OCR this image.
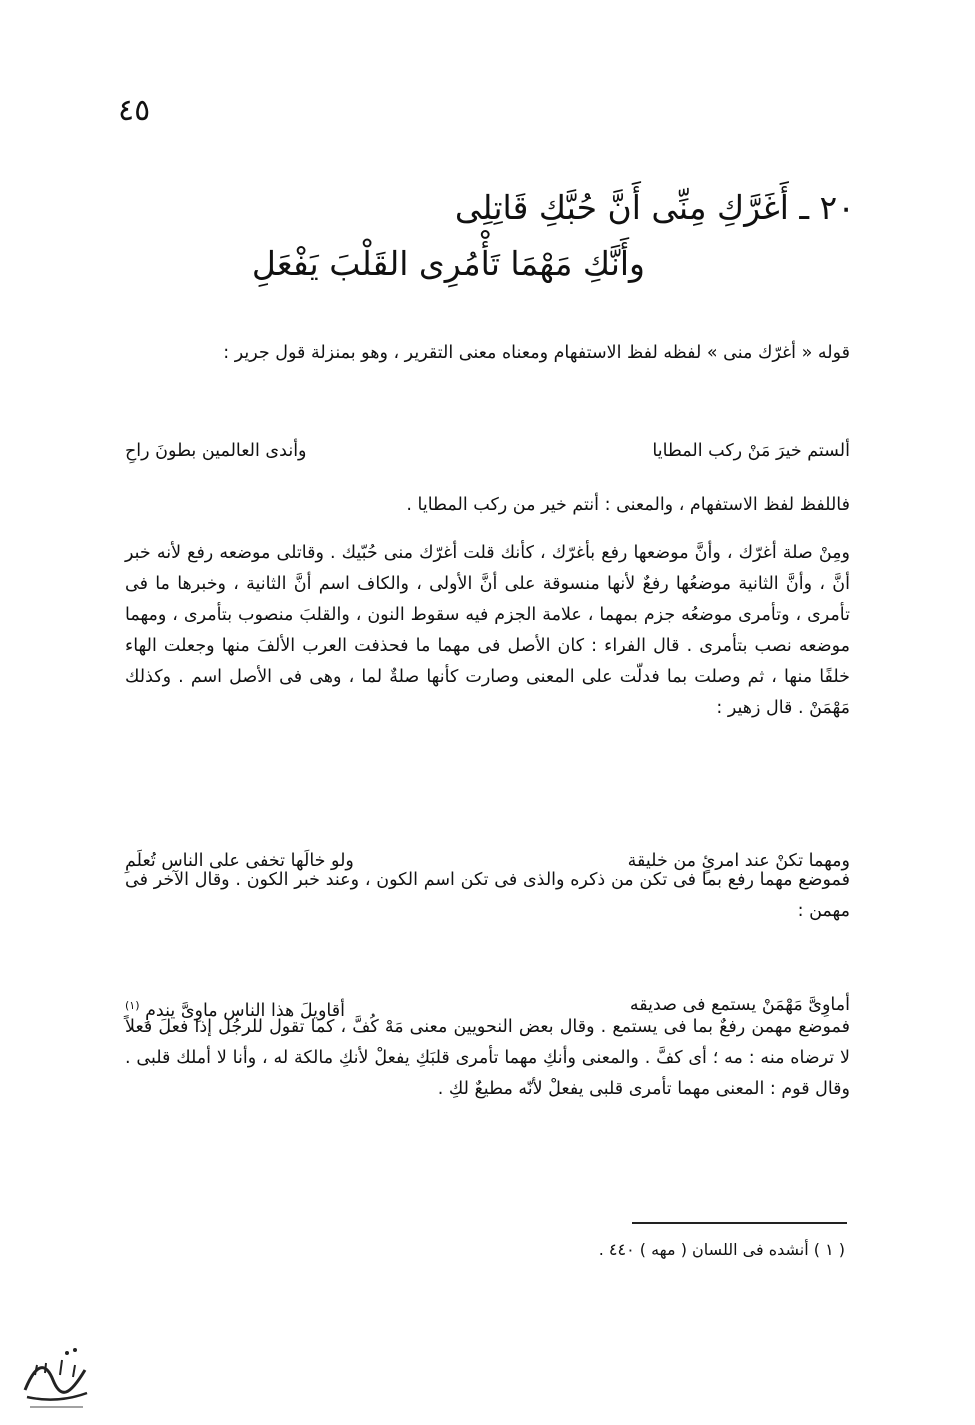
٤٥
٢٠ ـ أَغَرَّكِ مِنِّى أَنَّ حُبَّكِ قَاتِلِى
وأَنَّكِ مَهْمَا تَأْمُرِى القَلْبَ يَفْعَلِ
قوله « أغرّك منى » لفظه لفظ الاستفهام ومعناه معنى التقرير ، وهو بمنزلة قول جرير :
ألستم خيرَ مَنْ ركب المطايا
وأندى العالمين بطونَ راحِ
فاللفظ لفظ الاستفهام ، والمعنى : أنتم خير من ركب المطايا .
ومِنْ صلة أغرّك ، وأنَّ موضعها رفع بأغرّك ، كأنك قلت أغرّك منى حُبّيك . وقاتلى موضعه رفع لأنه خبر أنَّ ، وأنَّ الثانية موضعُها رفعٌ لأنها منسوقة على أنَّ الأولى ، والكاف اسم أنَّ الثانية ، وخبرها ما فى تأمرى ، وتأمرى موضعُه جزم بمهما ، علامة الجزم فيه سقوط النون ، والقلبَ منصوب بتأمرى ، ومهما موضعه نصب بتأمرى . قال الفراء : كان الأصل فى مهما ما فحذفت العرب الألفَ منها وجعلت الهاء خلفًا منها ، ثم وصلت بما فدلّت على المعنى وصارت كأنها صلةٌ لما ، وهى فى الأصل اسم . وكذلك مَهْمَنْ . قال زهير :
ومهما تكنْ عند امرئٍ من خليقة
ولو خالَها تخفى على الناس تُعلَمِ
فموضع مهما رفع بما فى تكن من ذكره والذى فى تكن اسم الكون ، وعند خبر الكون . وقال الآخر فى مهمن :
أماوِىَّ مَهْمَنْ يستمع فى صديقه
أقاويلَ هذا الناس ماوِىَّ يندمِ $^{(١)}$
فموضع مهمن رفعٌ بما فى يستمع . وقال بعض النحويين معنى مَهْ كُفَّ ، كما تقول للرجُل إذا فعلَ فعلاً لا ترضاه منه : مه ؛ أى كفَّ . والمعنى وأنكِ مهما تأمرى قلبَكِ يفعلْ لأنكِ مالكة له ، وأنا لا أملك قلبى . وقال قوم : المعنى مهما تأمرى قلبى يفعلْ لأنّه مطيعٌ لكِ .
( ١ ) أنشده فى اللسان ( مهه ) ٤٤٠ .
